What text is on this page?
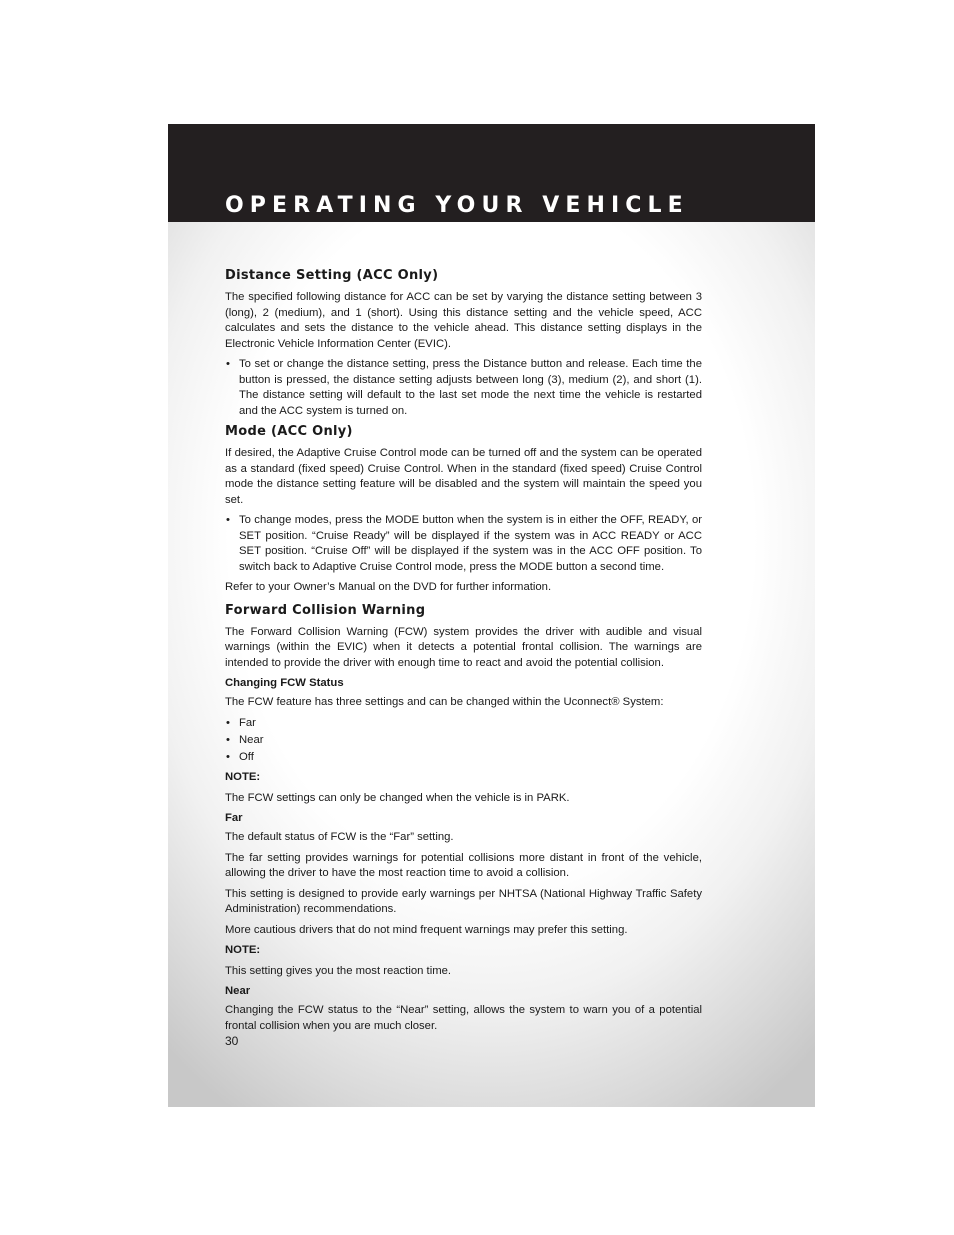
OPERATING YOUR VEHICLE
Distance Setting (ACC Only)

The specified following distance for ACC can be set by varying the distance setting between 3 (long), 2 (medium), and 1 (short). Using this distance setting and the vehicle speed, ACC calculates and sets the distance to the vehicle ahead. This distance setting displays in the Electronic Vehicle Information Center (EVIC).

• To set or change the distance setting, press the Distance button and release. Each time the button is pressed, the distance setting adjusts between long (3), medium (2), and short (1). The distance setting will default to the last set mode the next time the vehicle is restarted and the ACC system is turned on.
Mode (ACC Only)

If desired, the Adaptive Cruise Control mode can be turned off and the system can be operated as a standard (fixed speed) Cruise Control. When in the standard (fixed speed) Cruise Control mode the distance setting feature will be disabled and the system will maintain the speed you set.

• To change modes, press the MODE button when the system is in either the OFF, READY, or SET position. “Cruise Ready” will be displayed if the system was in ACC READY or ACC SET position. “Cruise Off” will be displayed if the system was in the ACC OFF position. To switch back to Adaptive Cruise Control mode, press the MODE button a second time.

Refer to your Owner’s Manual on the DVD for further information.

Forward Collision Warning

The Forward Collision Warning (FCW) system provides the driver with audible and visual warnings (within the EVIC) when it detects a potential frontal collision. The warnings are intended to provide the driver with enough time to react and avoid the potential collision.

Changing FCW Status

The FCW feature has three settings and can be changed within the Uconnect® System:

• Far
• Near
• Off

NOTE:

The FCW settings can only be changed when the vehicle is in PARK.

Far

The default status of FCW is the “Far” setting.

The far setting provides warnings for potential collisions more distant in front of the vehicle, allowing the driver to have the most reaction time to avoid a collision.

This setting is designed to provide early warnings per NHTSA (National Highway Traffic Safety Administration) recommendations.

More cautious drivers that do not mind frequent warnings may prefer this setting.

NOTE:

This setting gives you the most reaction time.

Near

Changing the FCW status to the “Near” setting, allows the system to warn you of a potential frontal collision when you are much closer.

30
